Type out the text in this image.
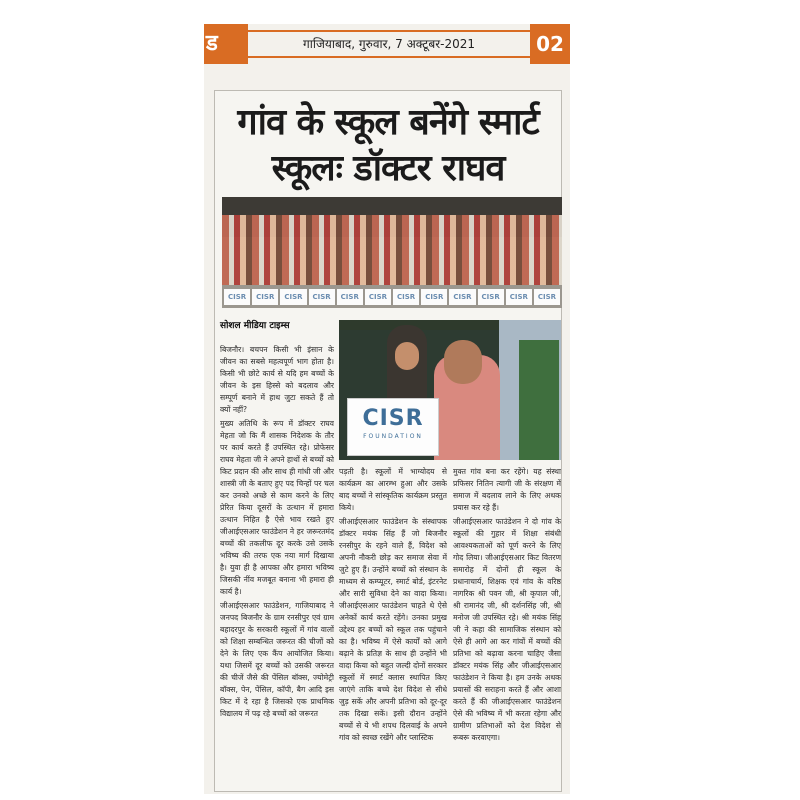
ड	गाजियाबाद, गुरुवार, 7 अक्टूबर-2021	02
गांव के स्कूल बनेंगे स्मार्ट
स्कूलः डॉक्टर राघव
CISR	CISR	CISR	CISR	CISR	CISR	CISR	CISR	CISR	CISR	CISR	CISR
सोशल मीडिया टाइम्स
CISR
FOUNDATION

बिजनौर। बचपन किसी भी इंसान के जीवन का सबसे महत्वपूर्ण भाग होता है। किसी भी छोटे कार्य से यदि हम बच्चों के जीवन के इस हिस्से को बदलाव और सम्पूर्ण बनाने में हाथ जुटा सकते हैं तो क्यों नहीं?

मुख्य अतिथि के रूप में डॉक्टर राघव मेहता जो कि मैं शासक निदेशक के तौर पर कार्य करते हैं उपस्थित रहे। प्रोफेसर राघव मेहता जी ने अपने हाथों से बच्चों को किट प्रदान की और साथ ही गांधी जी और शास्त्री जी के बताए हुए पद चिन्हों पर चल कर उनको अच्छे से काम करने के लिए प्रेरित किया दूसरों के उत्थान में हमारा उत्थान निहित है ऐसे भाव रखते हुए जीआईएसआर फाउंडेशन ने हर जरूरतमंद बच्चों की तकलीफ दूर करके उसे उसके भविष्य की तरफ एक नया मार्ग दिखाया है। युवा ही है आपका और हमारा भविष्य जिसकी नींव मजबूत बनाना भी हमारा ही कार्य है।

जीआईएसआर फाउंडेशन, गाजियाबाद ने जनपद बिजनौर के ग्राम रनसीपुर एवं ग्राम बहादरपुर के सरकारी स्कूलों में गांव वालों को शिक्षा सम्बन्धित जरूरत की चीजों को देने के लिए एक कैंप आयोजित किया। यथा जिसमें दूर बच्चों को उसकी जरूरत की चीजें जैसे की पेंसिल बॉक्स, ज्योमेट्री बॉक्स, पेन, पेंसिल, कॉपी, बैग आदि इस किट में दे रहा है जिसको एक प्राथमिक विद्यालय में पढ़ रहे बच्चों को जरूरत

पड़ती है। स्कूलों में भाग्योदय से कार्यक्रम का आरम्भ हुआ और उसके बाद बच्चों ने सांस्कृतिक कार्यक्रम प्रस्तुत किये।

जीआईएसआर फाउंडेशन के संस्थापक डॉक्टर मयंक सिंह हैं जो बिजनौर रनसीपुर के रहने वाले हैं, विदेश को अपनी नौकरी छोड़ कर समाज सेवा में जुटे हुए हैं। उन्होंने बच्चों को संस्थान के माध्यम से कम्प्यूटर, स्मार्ट बोर्ड, इंटरनेट और सारी सुविधा देने का वादा किया। जीआईएसआर फाउंडेशन चाहते थे ऐसे अनेकों कार्य करते रहेंगे। उनका प्रमुख उद्देश्य हर बच्चों को स्कूल तक पहुंचाने का है। भविष्य में ऐसे कार्यों को आगे बढ़ाने के प्रतिज्ञ के साथ ही उन्होंने भी वादा किया को बहुत जल्दी दोनों सरकार स्कूलों में स्मार्ट क्लास स्थापित किए जाएंगे ताकि बच्चे देश विदेश से सीधे जुड़ सकें और अपनी प्रतिभा को दूर-दूर तक दिखा सकें। इसी दौरान उन्होंने बच्चों से ये भी शपथ दिलवाई के अपने गांव को स्वच्छ रखेंगे और प्लास्टिक

मुक्त गांव बना कर रहेंगे। यह संस्था प्रफिसर नितिन त्यागी जी के संरक्षण में समाज में बदलाव लाने के लिए अथक प्रयास कर रहे हैं।

जीआईएसआर फाउंडेशन ने दो गांव के स्कूलों की गुहार में शिक्षा संबंधी आवश्यकताओं को पूर्ण करने के लिए गोद लिया। जीआईएसआर किट वितरण समारोह में दोनों ही स्कूल के प्रधानाचार्य, शिक्षक एवं गांव के वरिष्ठ नागरिक श्री पवन जी, श्री कृपाल जी, श्री रामानंद जी, श्री दर्शनसिंह जी, श्री मनोज जी उपस्थित रहे। श्री मयंक सिंह जी ने कहा की सामाजिक संस्थान को ऐसे ही आगे आ कर गांवों में बच्चों की प्रतिभा को बढ़ावा करना चाहिए जैसा डॉक्टर मयंक सिंह और जीआईएसआर फाउंडेशन ने किया है। हम उनके अथक प्रयासों की सराहना करते हैं और आशा करते हैं की जीआईएसआर फाउंडेशन ऐसे की भविष्य में भी करता रहेगा और ग्रामीण प्रतिभाओं को देश विदेश से रूबरू करवाएगा।
